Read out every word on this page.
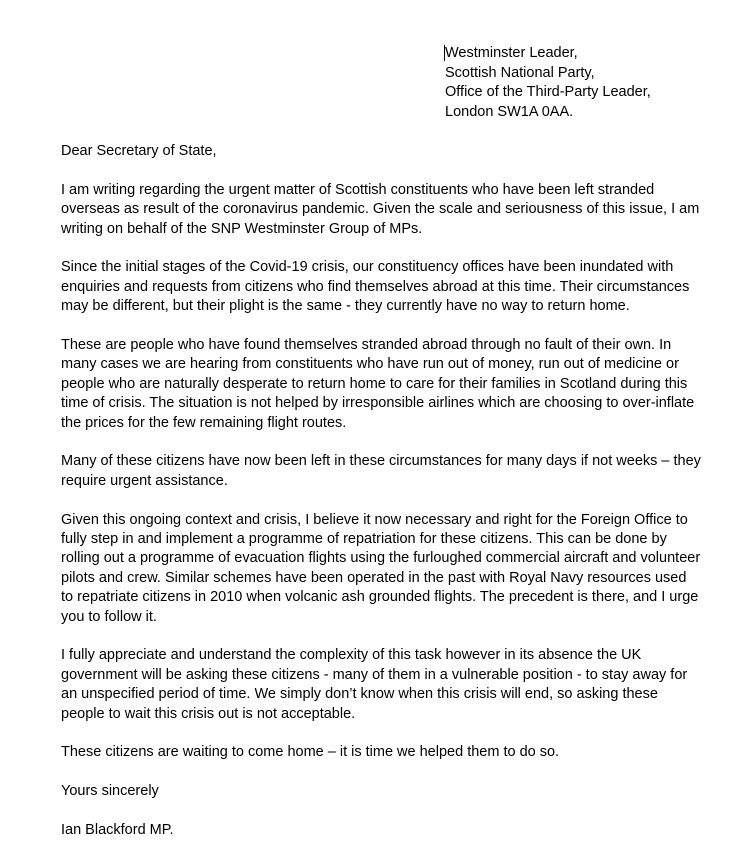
Westminster Leader,
Scottish National Party,
Office of the Third-Party Leader,
London SW1A 0AA.

Dear Secretary of State,

I am writing regarding the urgent matter of Scottish constituents who have been left stranded overseas as result of the coronavirus pandemic. Given the scale and seriousness of this issue, I am writing on behalf of the SNP Westminster Group of MPs.

Since the initial stages of the Covid-19 crisis, our constituency offices have been inundated with enquiries and requests from citizens who find themselves abroad at this time. Their circumstances may be different, but their plight is the same - they currently have no way to return home.

These are people who have found themselves stranded abroad through no fault of their own. In many cases we are hearing from constituents who have run out of money, run out of medicine or people who are naturally desperate to return home to care for their families in Scotland during this time of crisis. The situation is not helped by irresponsible airlines which are choosing to over-inflate the prices for the few remaining flight routes.

Many of these citizens have now been left in these circumstances for many days if not weeks – they require urgent assistance.

Given this ongoing context and crisis, I believe it now necessary and right for the Foreign Office to fully step in and implement a programme of repatriation for these citizens. This can be done by rolling out a programme of evacuation flights using the furloughed commercial aircraft and volunteer pilots and crew. Similar schemes have been operated in the past with Royal Navy resources used to repatriate citizens in 2010 when volcanic ash grounded flights. The precedent is there, and I urge you to follow it.

I fully appreciate and understand the complexity of this task however in its absence the UK government will be asking these citizens - many of them in a vulnerable position - to stay away for an unspecified period of time. We simply don’t know when this crisis will end, so asking these people to wait this crisis out is not acceptable.

These citizens are waiting to come home – it is time we helped them to do so.

Yours sincerely

Ian Blackford MP.
